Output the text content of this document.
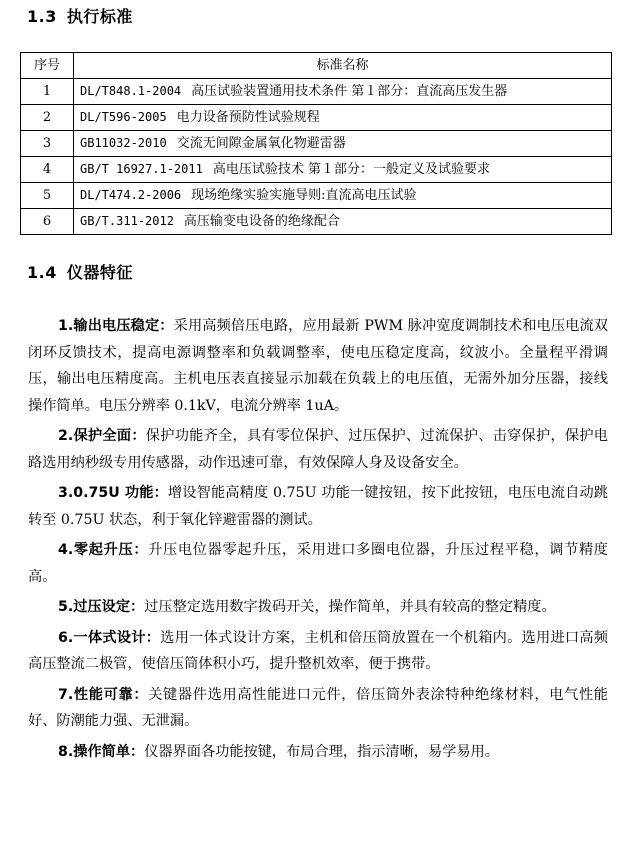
1.3 执行标准
序号	标准名称
1	DL/T848.1-2004 高压试验装置通用技术条件 第１部分：直流高压发生器
2	DL/T596-2005 电力设备预防性试验规程
3	GB11032-2010 交流无间隙金属氧化物避雷器
4	GB/T 16927.1-2011 高电压试验技术 第１部分：一般定义及试验要求
5	DL/T474.2-2006 现场绝缘实验实施导则:直流高电压试验
6	GB/T.311-2012 高压输变电设备的绝缘配合
1.4 仪器特征

1.输出电压稳定：采用高频倍压电路，应用最新 PWM 脉冲宽度调制技术和电压电流双闭环反馈技术，提高电源调整率和负载调整率，使电压稳定度高，纹波小。全量程平滑调压，输出电压精度高。主机电压表直接显示加载在负载上的电压值，无需外加分压器，接线操作简单。电压分辨率 0.1kV，电流分辨率 1uA。

2.保护全面：保护功能齐全，具有零位保护、过压保护、过流保护、击穿保护，保护电路选用纳秒级专用传感器，动作迅速可靠，有效保障人身及设备安全。

3.0.75U 功能：增设智能高精度 0.75U 功能一键按钮，按下此按钮，电压电流自动跳转至 0.75U 状态，利于氧化锌避雷器的测试。

4.零起升压：升压电位器零起升压，采用进口多圈电位器，升压过程平稳，调节精度高。

5.过压设定：过压整定选用数字拨码开关，操作简单，并具有较高的整定精度。

6.一体式设计：选用一体式设计方案，主机和倍压筒放置在一个机箱内。选用进口高频高压整流二极管，使倍压筒体积小巧，提升整机效率，便于携带。

7.性能可靠：关键器件选用高性能进口元件，倍压筒外表涂特种绝缘材料，电气性能好、防潮能力强、无泄漏。

8.操作简单：仪器界面各功能按键，布局合理，指示清晰，易学易用。
